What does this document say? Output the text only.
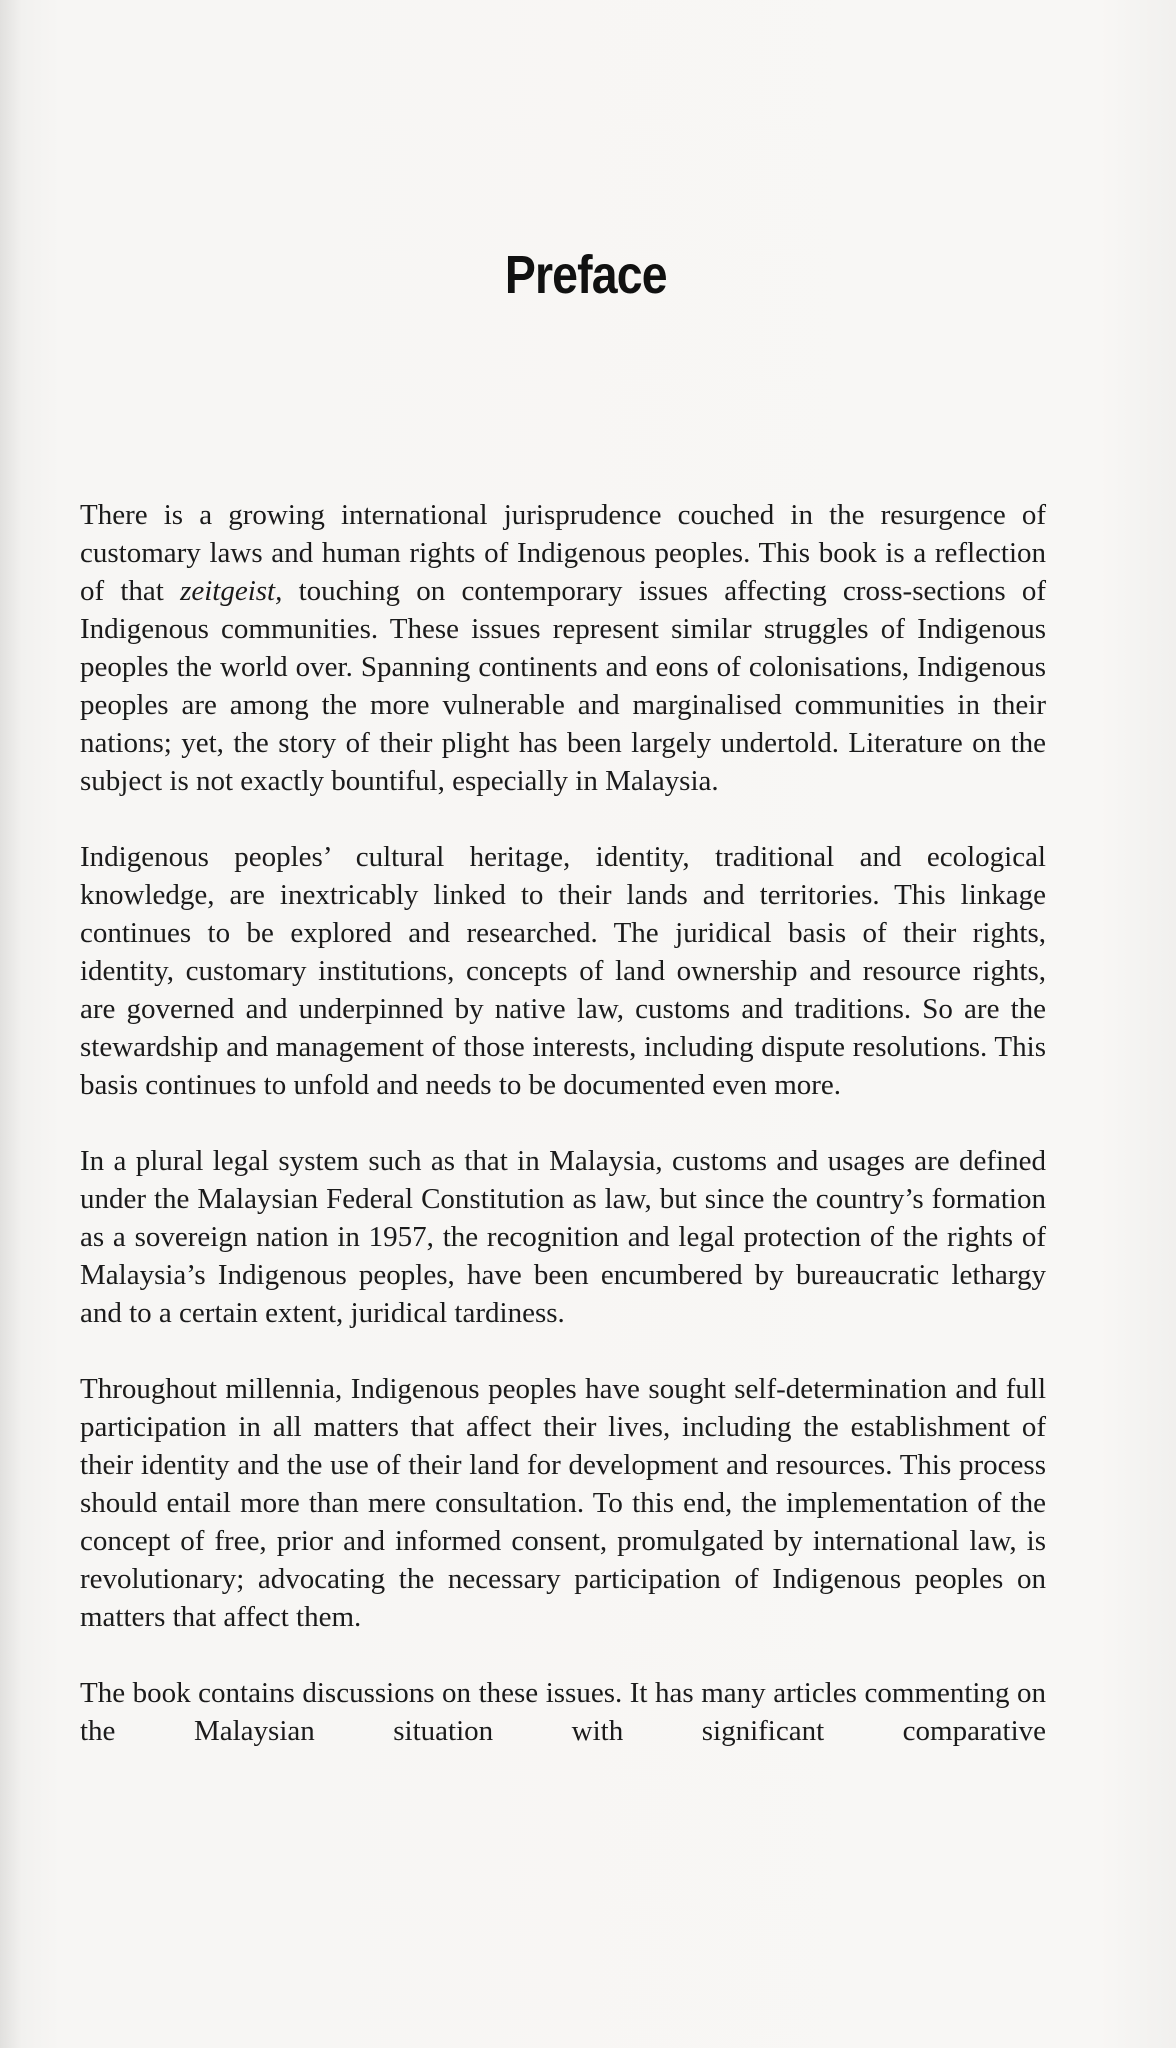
Preface

There is a growing international jurisprudence couched in the resurgence of customary laws and human rights of Indigenous peoples. This book is a reflection of that zeitgeist, touching on contemporary issues affecting cross-sections of Indigenous communities. These issues represent similar struggles of Indigenous peoples the world over. Spanning continents and eons of colonisations, Indigenous peoples are among the more vulnerable and marginalised communities in their nations; yet, the story of their plight has been largely undertold. Literature on the subject is not exactly bountiful, especially in Malaysia.

Indigenous peoples’ cultural heritage, identity, traditional and ecological knowledge, are inextricably linked to their lands and territories. This linkage continues to be explored and researched. The juridical basis of their rights, identity, customary institutions, concepts of land ownership and resource rights, are governed and underpinned by native law, customs and traditions. So are the stewardship and management of those interests, including dispute resolutions. This basis continues to unfold and needs to be documented even more.

In a plural legal system such as that in Malaysia, customs and usages are defined under the Malaysian Federal Constitution as law, but since the country’s formation as a sovereign nation in 1957, the recognition and legal protection of the rights of Malaysia’s Indigenous peoples, have been encumbered by bureaucratic lethargy and to a certain extent, juridical tardiness.

Throughout millennia, Indigenous peoples have sought self-determination and full participation in all matters that affect their lives, including the establishment of their identity and the use of their land for development and resources. This process should entail more than mere consultation. To this end, the implementation of the concept of free, prior and informed consent, promulgated by international law, is revolutionary; advocating the necessary participation of Indigenous peoples on matters that affect them.

The book contains discussions on these issues. It has many articles commenting on the Malaysian situation with significant comparative
